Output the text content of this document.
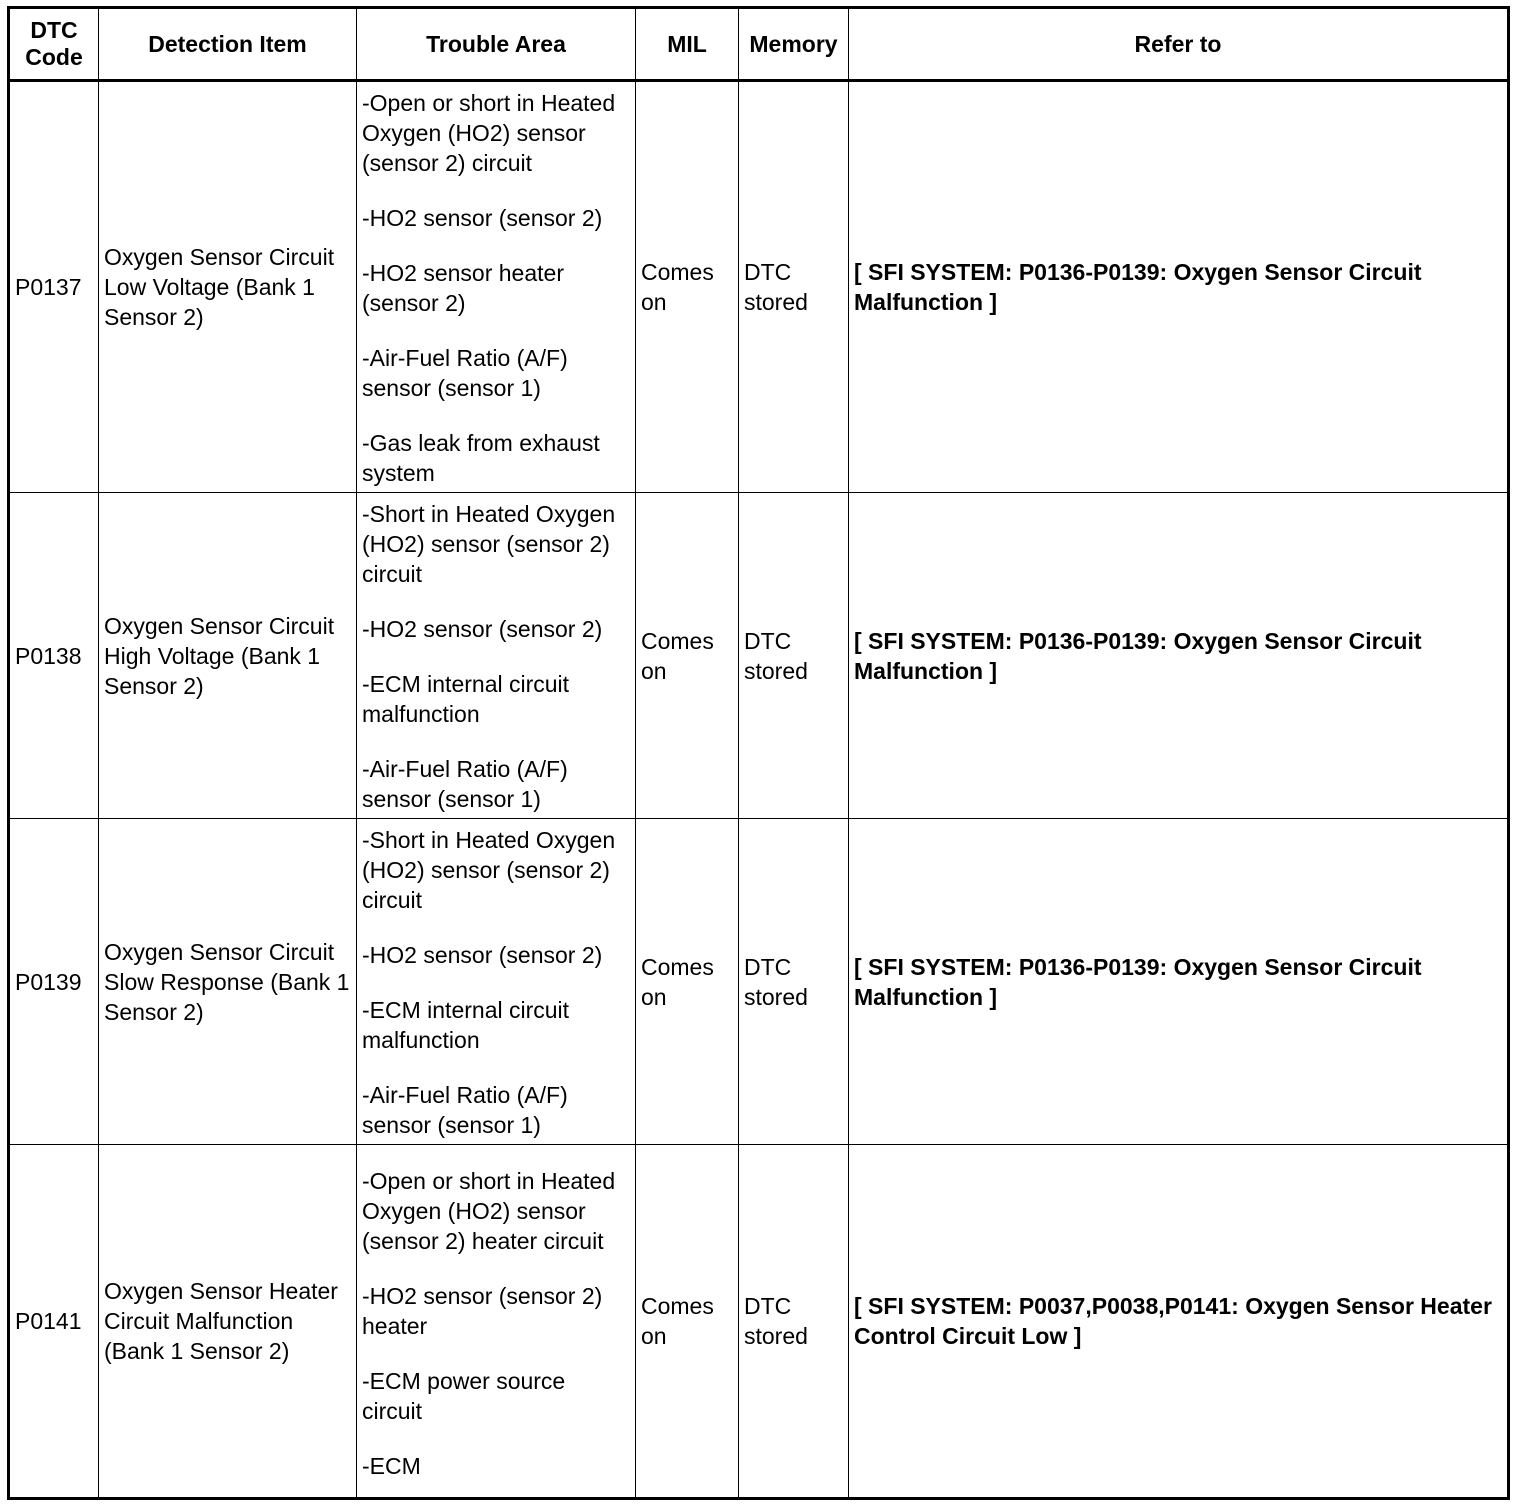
DTC Code	Detection Item	Trouble Area	MIL	Memory	Refer to
P0137	Oxygen Sensor Circuit Low Voltage (Bank 1 Sensor 2)	-Open or short in Heated Oxygen (HO2) sensor (sensor 2) circuit

-HO2 sensor (sensor 2)

-HO2 sensor heater (sensor 2)

-Air-Fuel Ratio (A/F) sensor (sensor 1)

-Gas leak from exhaust system	Comes on	DTC stored	[ SFI SYSTEM: P0136-P0139: Oxygen Sensor Circuit Malfunction ]
P0138	Oxygen Sensor Circuit High Voltage (Bank 1 Sensor 2)	-Short in Heated Oxygen (HO2) sensor (sensor 2) circuit

-HO2 sensor (sensor 2)

-ECM internal circuit malfunction

-Air-Fuel Ratio (A/F) sensor (sensor 1)	Comes on	DTC stored	[ SFI SYSTEM: P0136-P0139: Oxygen Sensor Circuit Malfunction ]
P0139	Oxygen Sensor Circuit Slow Response (Bank 1 Sensor 2)	-Short in Heated Oxygen (HO2) sensor (sensor 2) circuit

-HO2 sensor (sensor 2)

-ECM internal circuit malfunction

-Air-Fuel Ratio (A/F) sensor (sensor 1)	Comes on	DTC stored	[ SFI SYSTEM: P0136-P0139: Oxygen Sensor Circuit Malfunction ]
P0141	Oxygen Sensor Heater Circuit Malfunction (Bank 1 Sensor 2)	-Open or short in Heated Oxygen (HO2) sensor (sensor 2) heater circuit

-HO2 sensor (sensor 2) heater

-ECM power source circuit

-ECM	Comes on	DTC stored	[ SFI SYSTEM: P0037,P0038,P0141: Oxygen Sensor Heater Control Circuit Low ]
